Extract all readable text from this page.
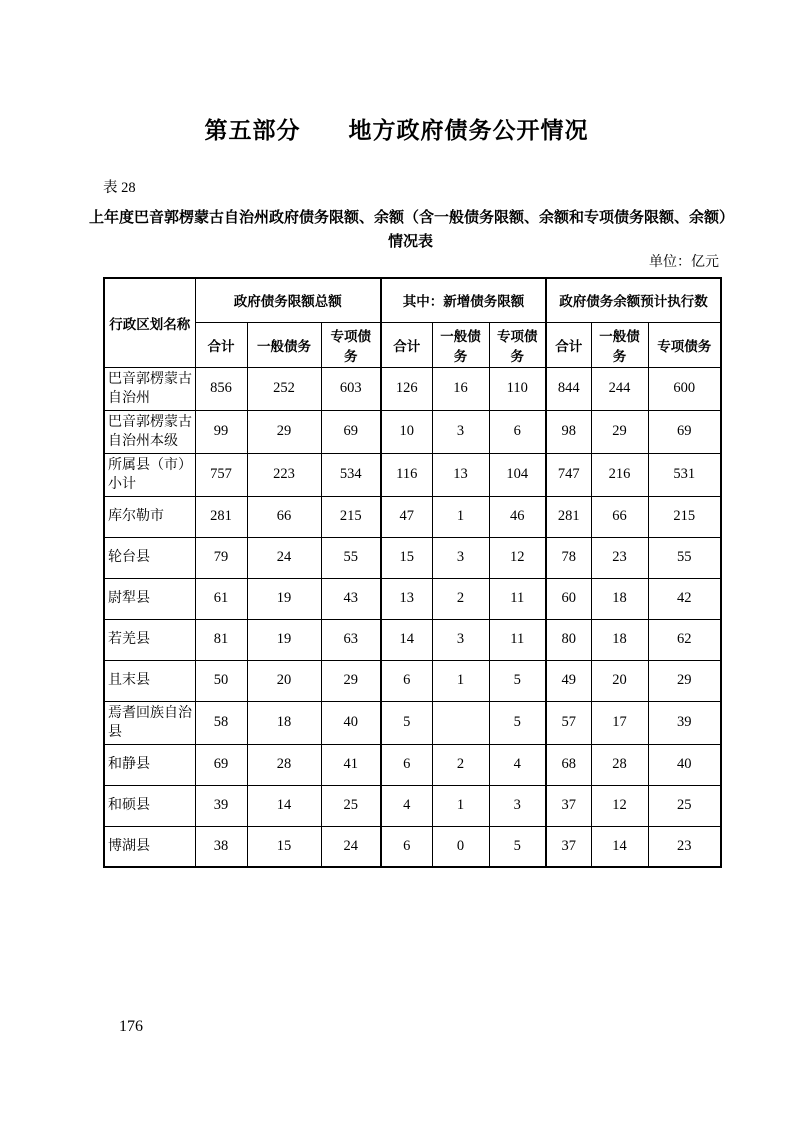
第五部分　　地方政府债务公开情况
表 28
上年度巴音郭楞蒙古自治州政府债务限额、余额（含一般债务限额、余额和专项债务限额、余额）
情况表
单位：亿元
行政区划名称	政府债务限额总额			其中：新增债务限额			政府债务余额预计执行数		
	合计	一般债务	专项债务	合计	一般债务	专项债务	合计	一般债务	专项债务
巴音郭楞蒙古自治州	856	252	603	126	16	110	844	244	600
巴音郭楞蒙古自治州本级	99	29	69	10	3	6	98	29	69
所属县（市）小计	757	223	534	116	13	104	747	216	531
库尔勒市	281	66	215	47	1	46	281	66	215
轮台县	79	24	55	15	3	12	78	23	55
尉犁县	61	19	43	13	2	11	60	18	42
若羌县	81	19	63	14	3	11	80	18	62
且末县	50	20	29	6	1	5	49	20	29
焉耆回族自治县	58	18	40	5		5	57	17	39
和静县	69	28	41	6	2	4	68	28	40
和硕县	39	14	25	4	1	3	37	12	25
博湖县	38	15	24	6	0	5	37	14	23
176
